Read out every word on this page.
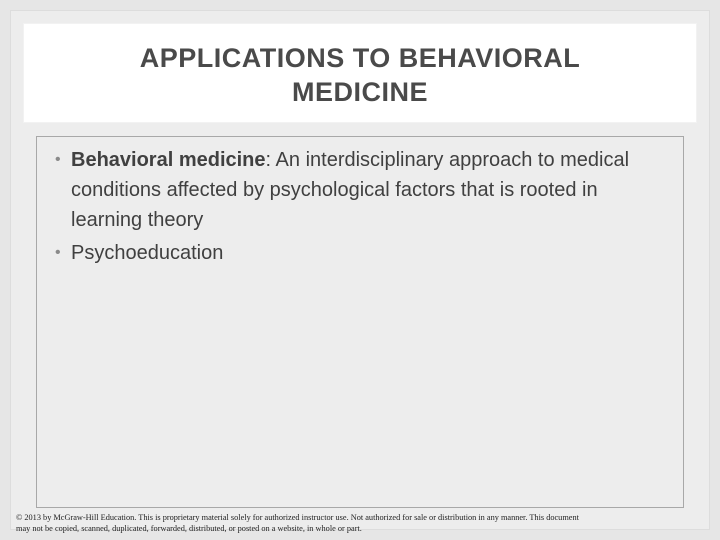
APPLICATIONS TO BEHAVIORAL
MEDICINE
• Behavioral medicine: An interdisciplinary approach to medical conditions affected by psychological factors that is rooted in learning theory
• Psychoeducation

© 2013 by McGraw-Hill Education. This is proprietary material solely for authorized instructor use. Not authorized for sale or distribution in any manner. This document
may not be copied, scanned, duplicated, forwarded, distributed, or posted on a website, in whole or part.
